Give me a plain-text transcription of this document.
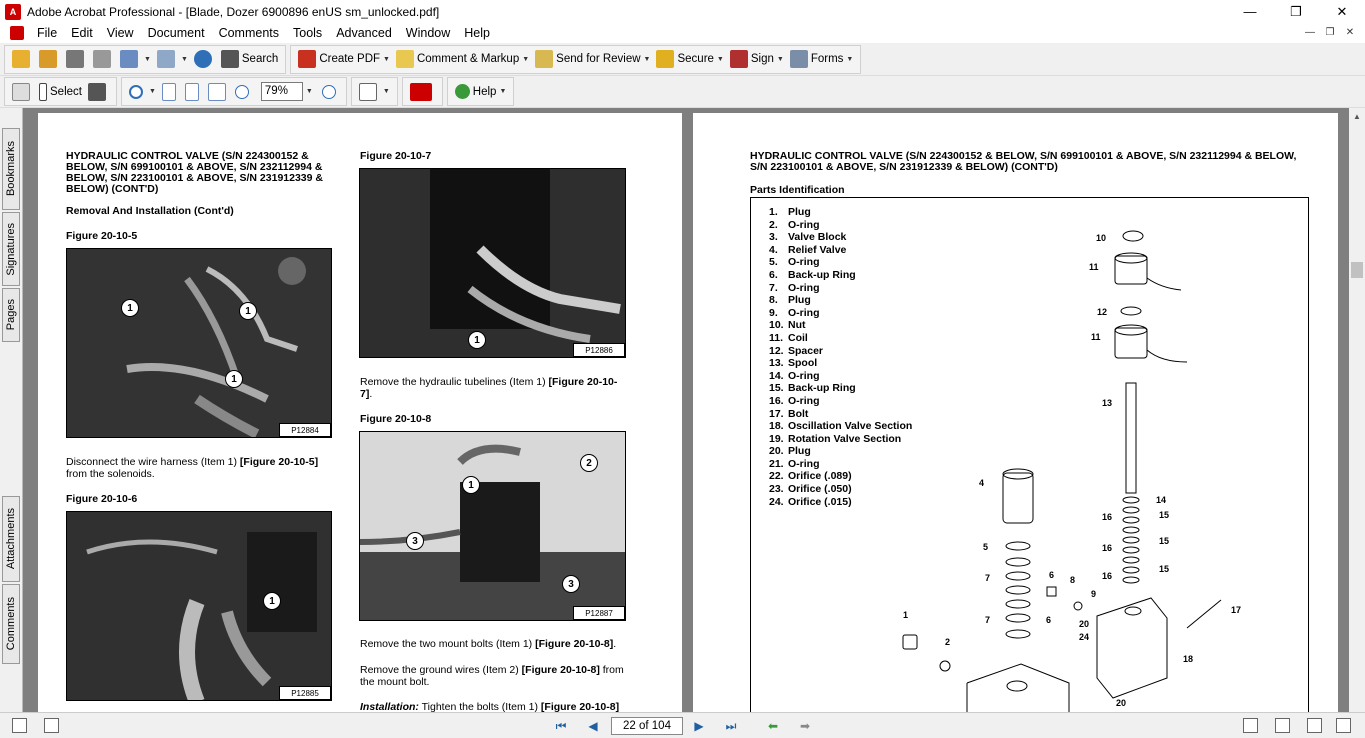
A Adobe Acrobat Professional - [Blade, Dozer 6900896 enUS sm_unlocked.pdf]	—	❐	✕
File	Edit	View	Document	Comments	Tools	Advanced	Window	Help	—	❐	✕
▼	▼	Search	Create PDF ▼ Comment & Markup ▼ Send for Review ▼ Secure ▼ Sign ▼ Forms ▼
Select	▼	79%	▼	▼	Help ▼
Bookmarks
Signatures
Pages
Attachments
Comments
HYDRAULIC CONTROL VALVE (S/N 224300152 & BELOW, S/N 699100101 & ABOVE, S/N 232112994 & BELOW, S/N 223100101 & ABOVE, S/N 231912339 & BELOW) (CONT'D)
Removal And Installation (Cont'd)
Figure 20-10-5
1	1
1
P12884
Disconnect the wire harness (Item 1) [Figure 20-10-5] from the solenoids.
Figure 20-10-6
1
P12885
Figure 20-10-7
1
P12886
Remove the hydraulic tubelines (Item 1) [Figure 20-10-7].
Figure 20-10-8
2
1
3
3
P12887
Remove the two mount bolts (Item 1) [Figure 20-10-8].
Remove the ground wires (Item 2) [Figure 20-10-8] from the mount bolt.
Installation: Tighten the bolts (Item 1) [Figure 20-10-8]
HYDRAULIC CONTROL VALVE (S/N 224300152 & BELOW, S/N 699100101 & ABOVE, S/N 232112994 & BELOW, S/N 223100101 & ABOVE, S/N 231912339 & BELOW) (CONT'D)
Parts Identification
1. Plug
2. O-ring
3. Valve Block
4. Relief Valve
5. O-ring
6. Back-up Ring
7. O-ring
8. Plug
9. O-ring
10. Nut
11. Coil
12. Spacer
13. Spool
14. O-ring
15. Back-up Ring
16. O-ring
17. Bolt
18. Oscillation Valve Section
19. Rotation Valve Section
20. Plug
21. O-ring
22. Orifice (.089)
23. Orifice (.050)
24. Orifice (.015)
10
11
12
11
13
14
15
16
15
16
15
16
4
5
6
7	8
9
7	6	20
24
17
18
1
2
20
▲
⏮ ◀	22 of 104	▶ ⏭	⬅ ➡
